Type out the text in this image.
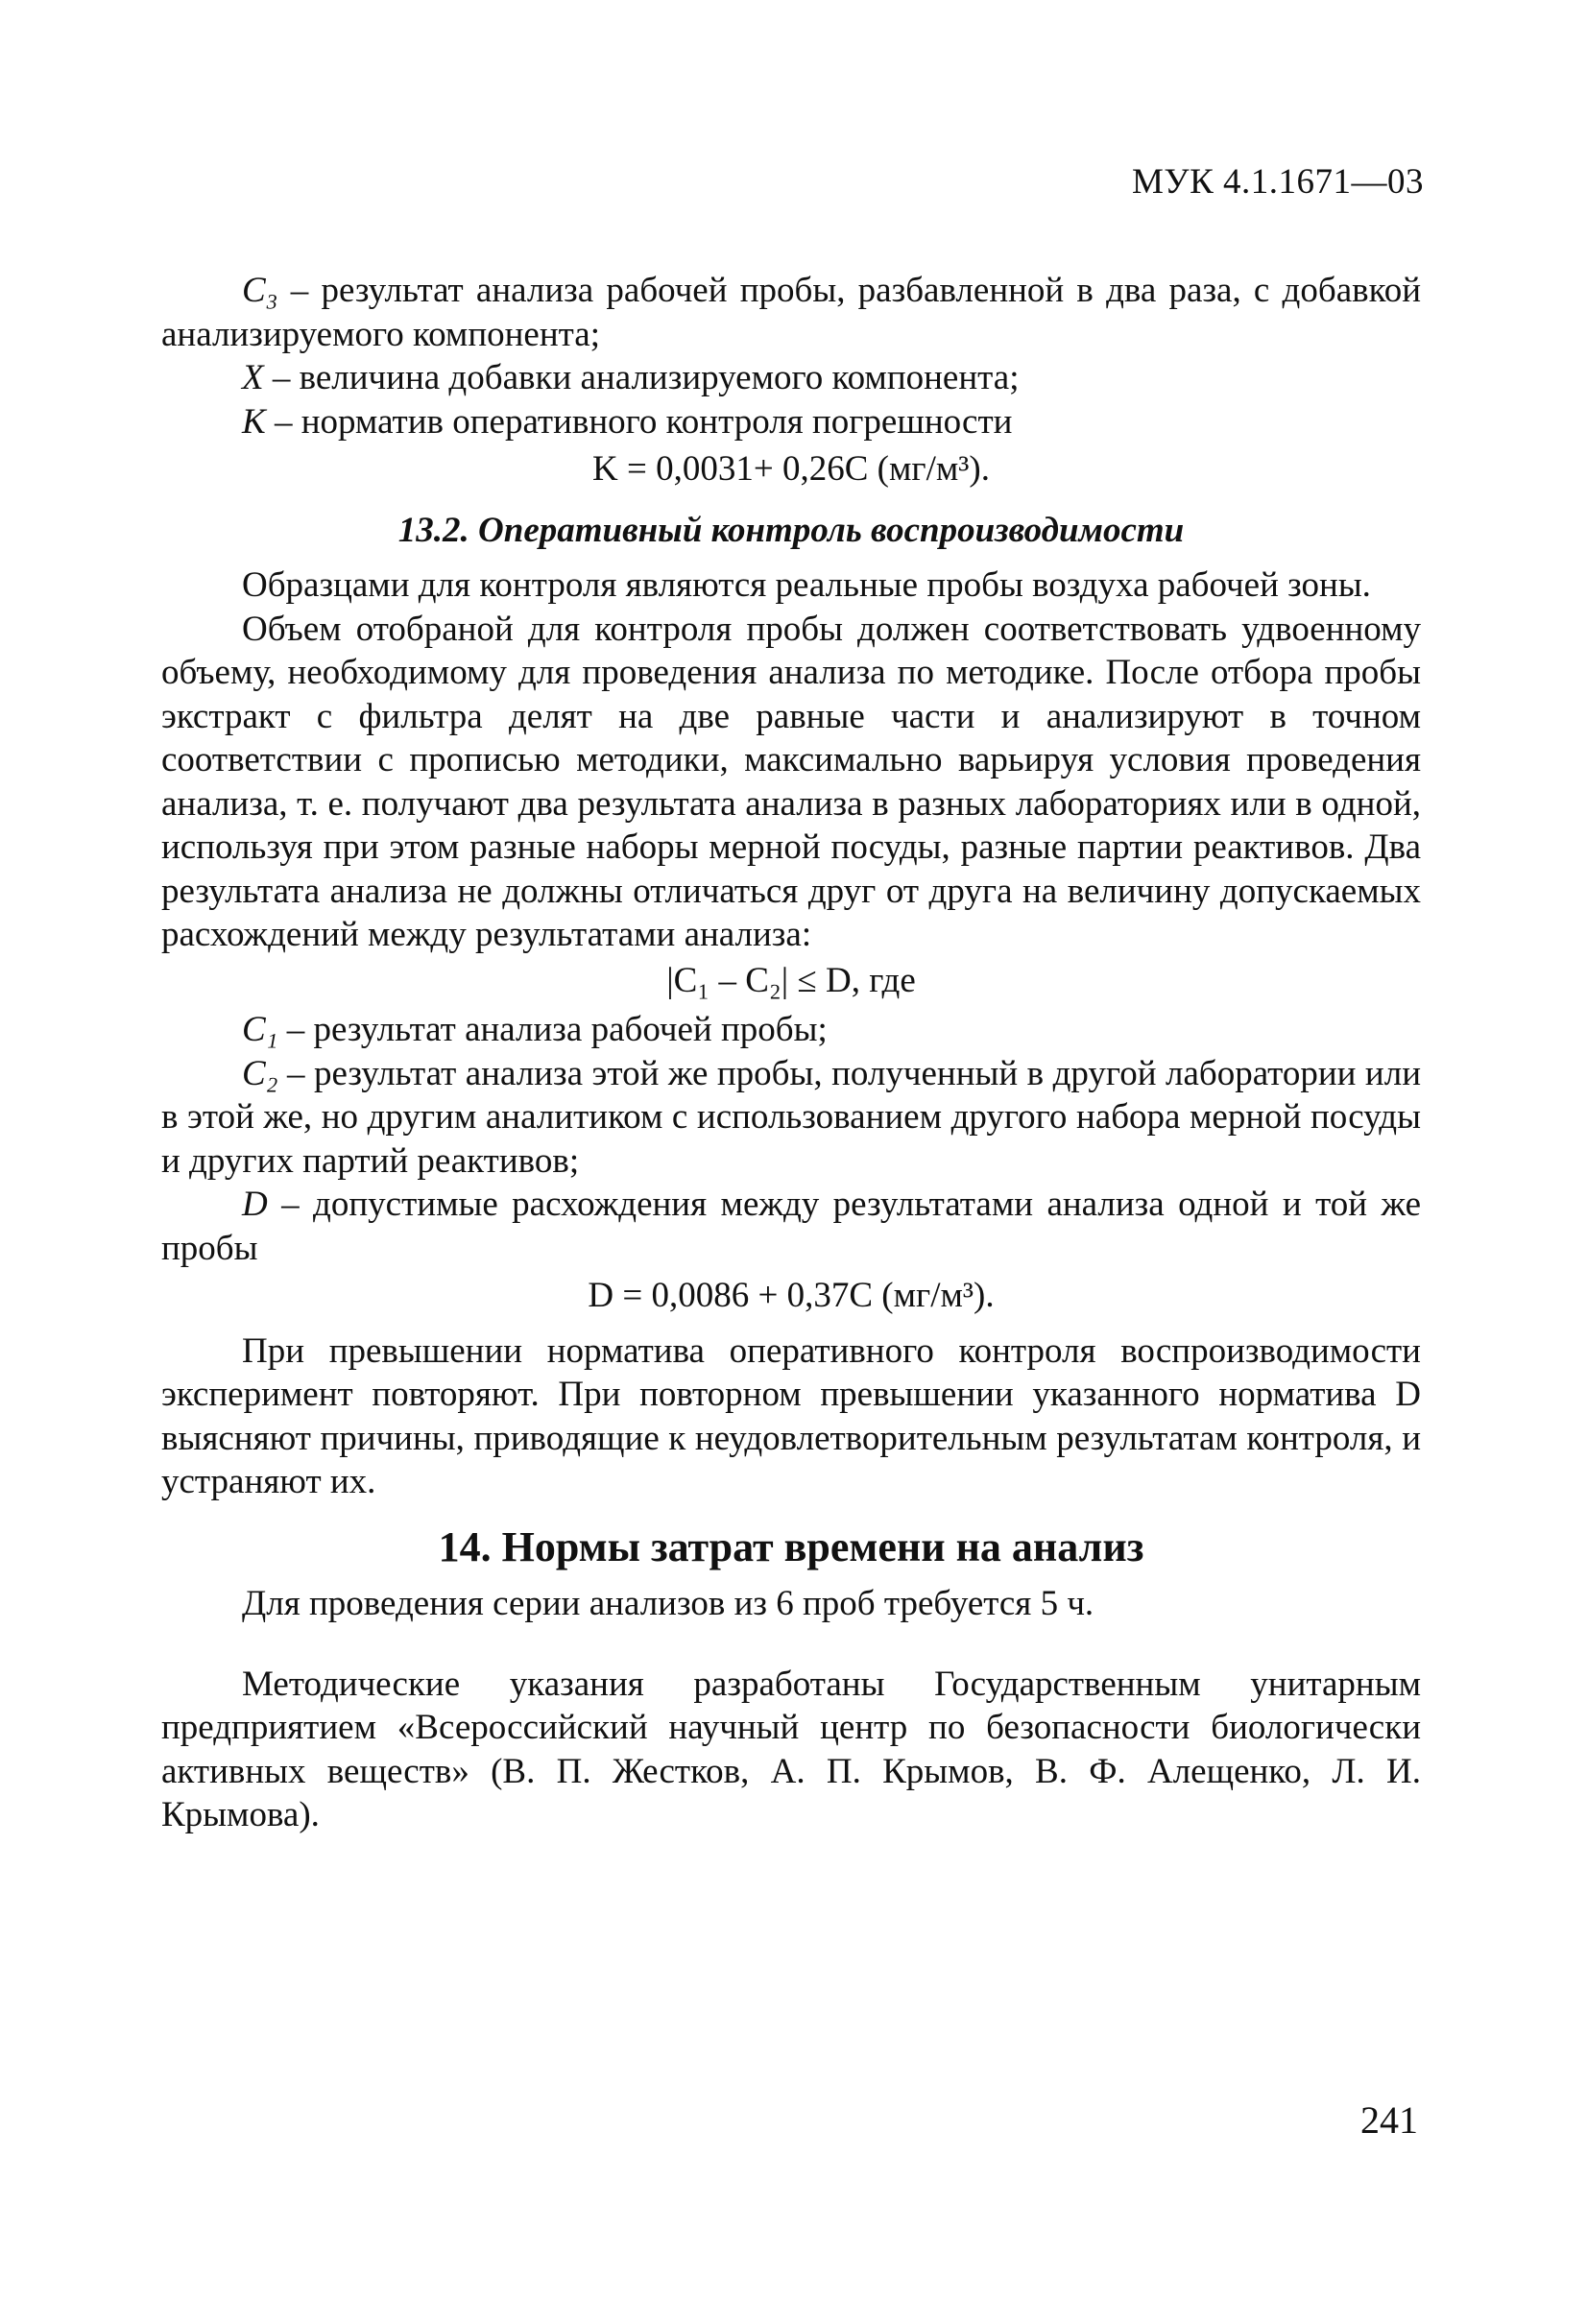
МУК 4.1.1671—03

C₃ – результат анализа рабочей пробы, разбавленной в два раза, с добавкой анализируемого компонента;

X – величина добавки анализируемого компонента;

K – норматив оперативного контроля погрешности

K = 0,0031+ 0,26C (мг/м³).
13.2. Оперативный контроль воспроизводимости

Образцами для контроля являются реальные пробы воздуха рабочей зоны.

Объем отобраной для контроля пробы должен соответствовать удвоенному объему, необходимому для проведения анализа по методике. После отбора пробы экстракт с фильтра делят на две равные части и анализируют в точном соответствии с прописью методики, максимально варьируя условия проведения анализа, т. е. получают два результата анализа в разных лабораториях или в одной, используя при этом разные наборы мерной посуды, разные партии реактивов. Два результата анализа не должны отличаться друг от друга на величину допускаемых расхождений между результатами анализа:

|C₁ – C₂| ≤ D, где

C₁ – результат анализа рабочей пробы;

C₂ – результат анализа этой же пробы, полученный в другой лаборатории или в этой же, но другим аналитиком с использованием другого набора мерной посуды и других партий реактивов;

D – допустимые расхождения между результатами анализа одной и той же пробы

D = 0,0086 + 0,37C (мг/м³).

При превышении норматива оперативного контроля воспроизводимости эксперимент повторяют. При повторном превышении указанного норматива D выясняют причины, приводящие к неудовлетворительным результатам контроля, и устраняют их.

14. Нормы затрат времени на анализ

Для проведения серии анализов из 6 проб требуется 5 ч.

Методические указания разработаны Государственным унитарным предприятием «Всероссийский научный центр по безопасности биологически активных веществ» (В. П. Жестков, А. П. Крымов, В. Ф. Алещенко, Л. И. Крымова).

241
